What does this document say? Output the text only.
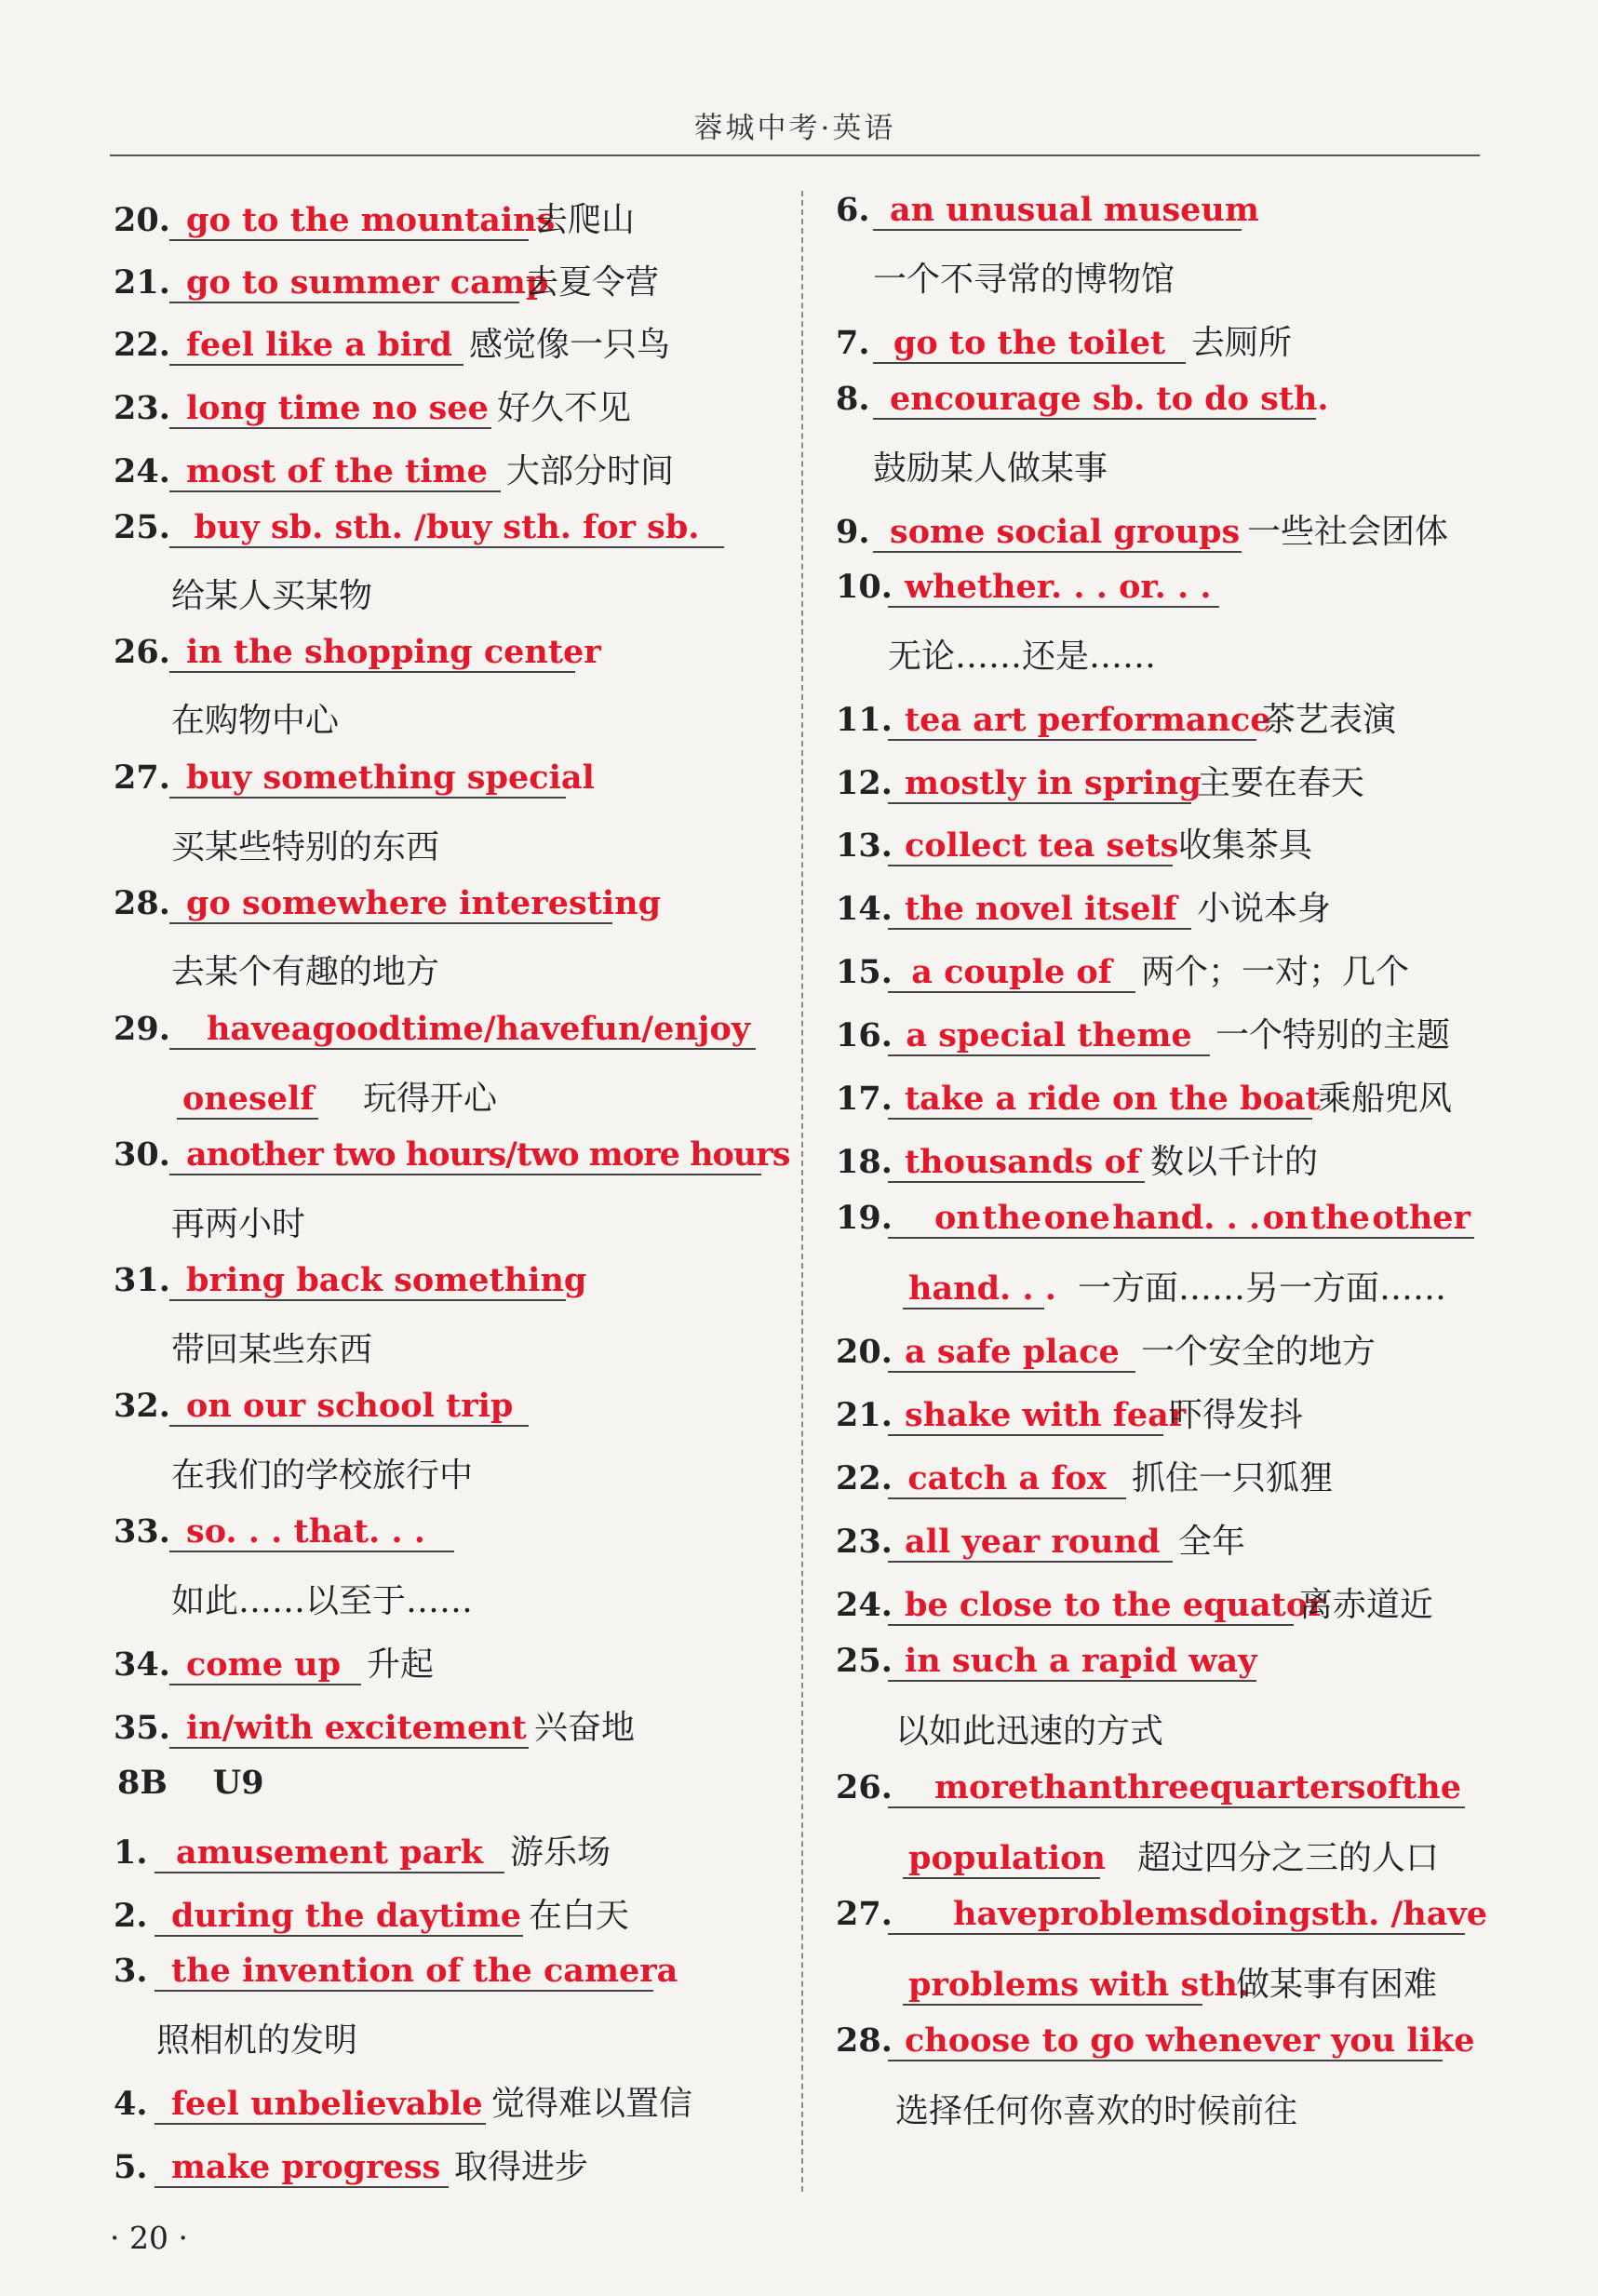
蓉城中考·英语
20. go to the mountains去爬山
21. go to summer camp去夏令营
22. feel like a bird 感觉像一只鸟
23. long time no see 好久不见
24. most of the time 大部分时间
25. buy sb. sth. /buy sth. for sb.
给某人买某物
26. in the shopping center
在购物中心
27. buy something special
买某些特别的东西
28. go somewhere interesting
去某个有趣的地方
29. have a good time/have fun/enjoy
oneself 玩得开心
30. another two hours/two more hours
再两小时
31. bring back something
带回某些东西
32. on our school trip
在我们的学校旅行中
33. so. . . that. . .
如此……以至于……
34. come up 升起
35. in/with excitement 兴奋地
8B    U9
1. amusement park 游乐场
2. during the daytime 在白天
3. the invention of the camera
照相机的发明
4. feel unbelievable 觉得难以置信
5. make progress 取得进步
6. an unusual museum
一个不寻常的博物馆
7. go to the toilet 去厕所
8. encourage sb. to do sth.
鼓励某人做某事
9. some social groups 一些社会团体
10. whether. . . or. . .
无论……还是……
11. tea art performance茶艺表演
12. mostly in spring主要在春天
13. collect tea sets收集茶具
14. the novel itself 小说本身
15. a couple of 两个；一对；几个
16. a special theme 一个特别的主题
17. take a ride on the boat乘船兜风
18. thousands of 数以千计的
19. on the one hand. . . on the other
hand. . . 一方面……另一方面……
20. a safe place 一个安全的地方
21. shake with fear吓得发抖
22. catch a fox 抓住一只狐狸
23. all year round 全年
24. be close to the equator离赤道近
25. in such a rapid way
以如此迅速的方式
26. more than three quarters of the
population 超过四分之三的人口
27. have problems doing sth. /have
problems with sth.做某事有困难
28. choose to go whenever you like
选择任何你喜欢的时候前往
· 20 ·
